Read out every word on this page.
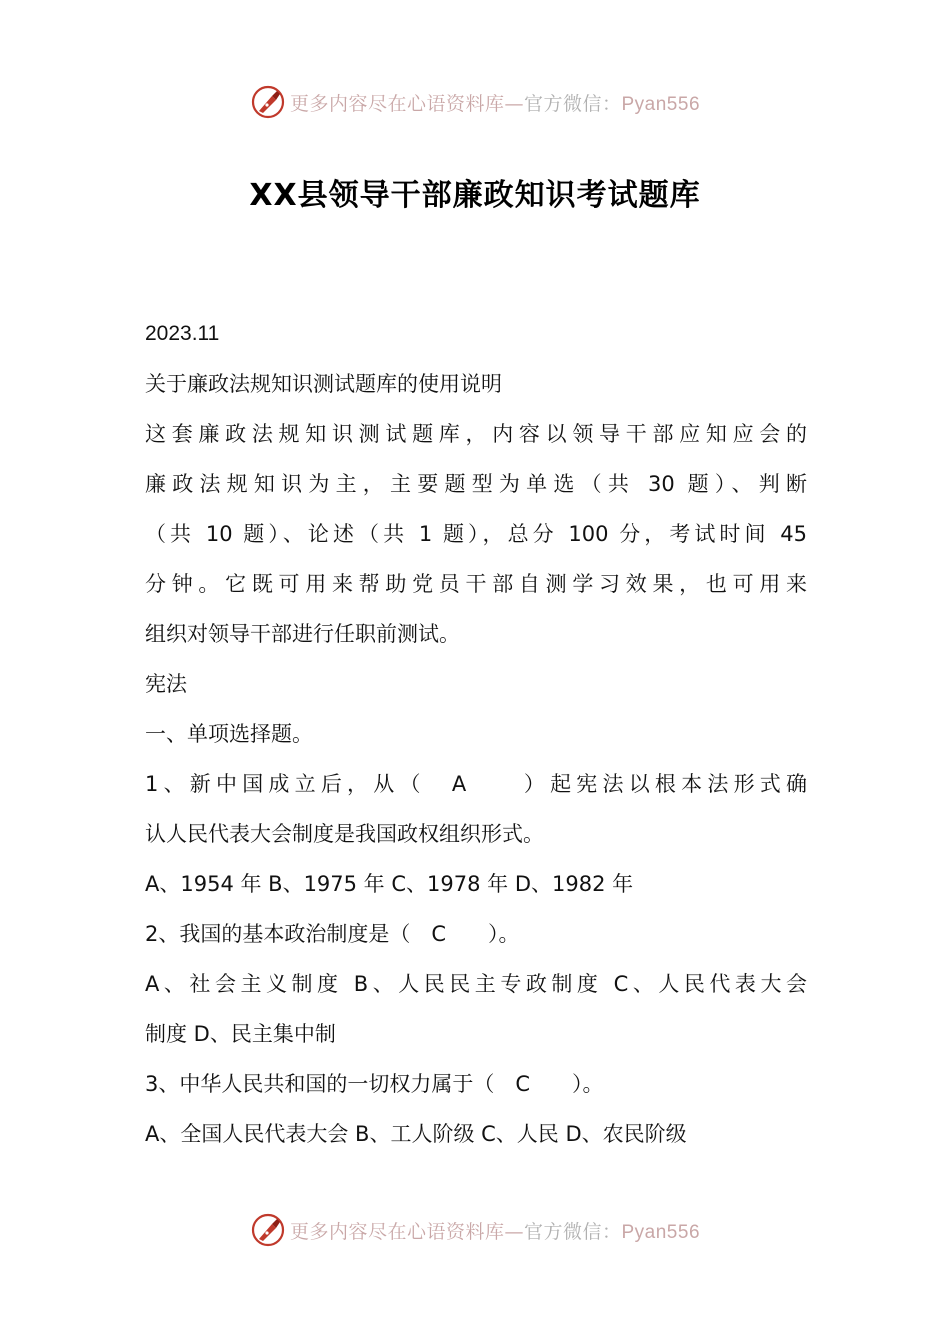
更多内容尽在心语资料库—官方微信：Pyan556
XX县领导干部廉政知识考试题库
2023.11
关于廉政法规知识测试题库的使用说明
这套廉政法规知识测试题库，内容以领导干部应知应会的
廉政法规知识为主，主要题型为单选（共 30 题）、判断
（共 10 题）、论述（共 1 题），总分 100 分，考试时间 45
分钟。它既可用来帮助党员干部自测学习效果，也可用来
组织对领导干部进行任职前测试。
宪法
一、单项选择题。
1、新中国成立后，从（　A　　）起宪法以根本法形式确
认人民代表大会制度是我国政权组织形式。
A、1954 年 B、1975 年 C、1978 年 D、1982 年
2、我国的基本政治制度是（　C　　）。
A、社会主义制度 B、人民民主专政制度 C、人民代表大会
制度 D、民主集中制
3、中华人民共和国的一切权力属于（　C　　）。
A、全国人民代表大会 B、工人阶级 C、人民 D、农民阶级
更多内容尽在心语资料库—官方微信：Pyan556
